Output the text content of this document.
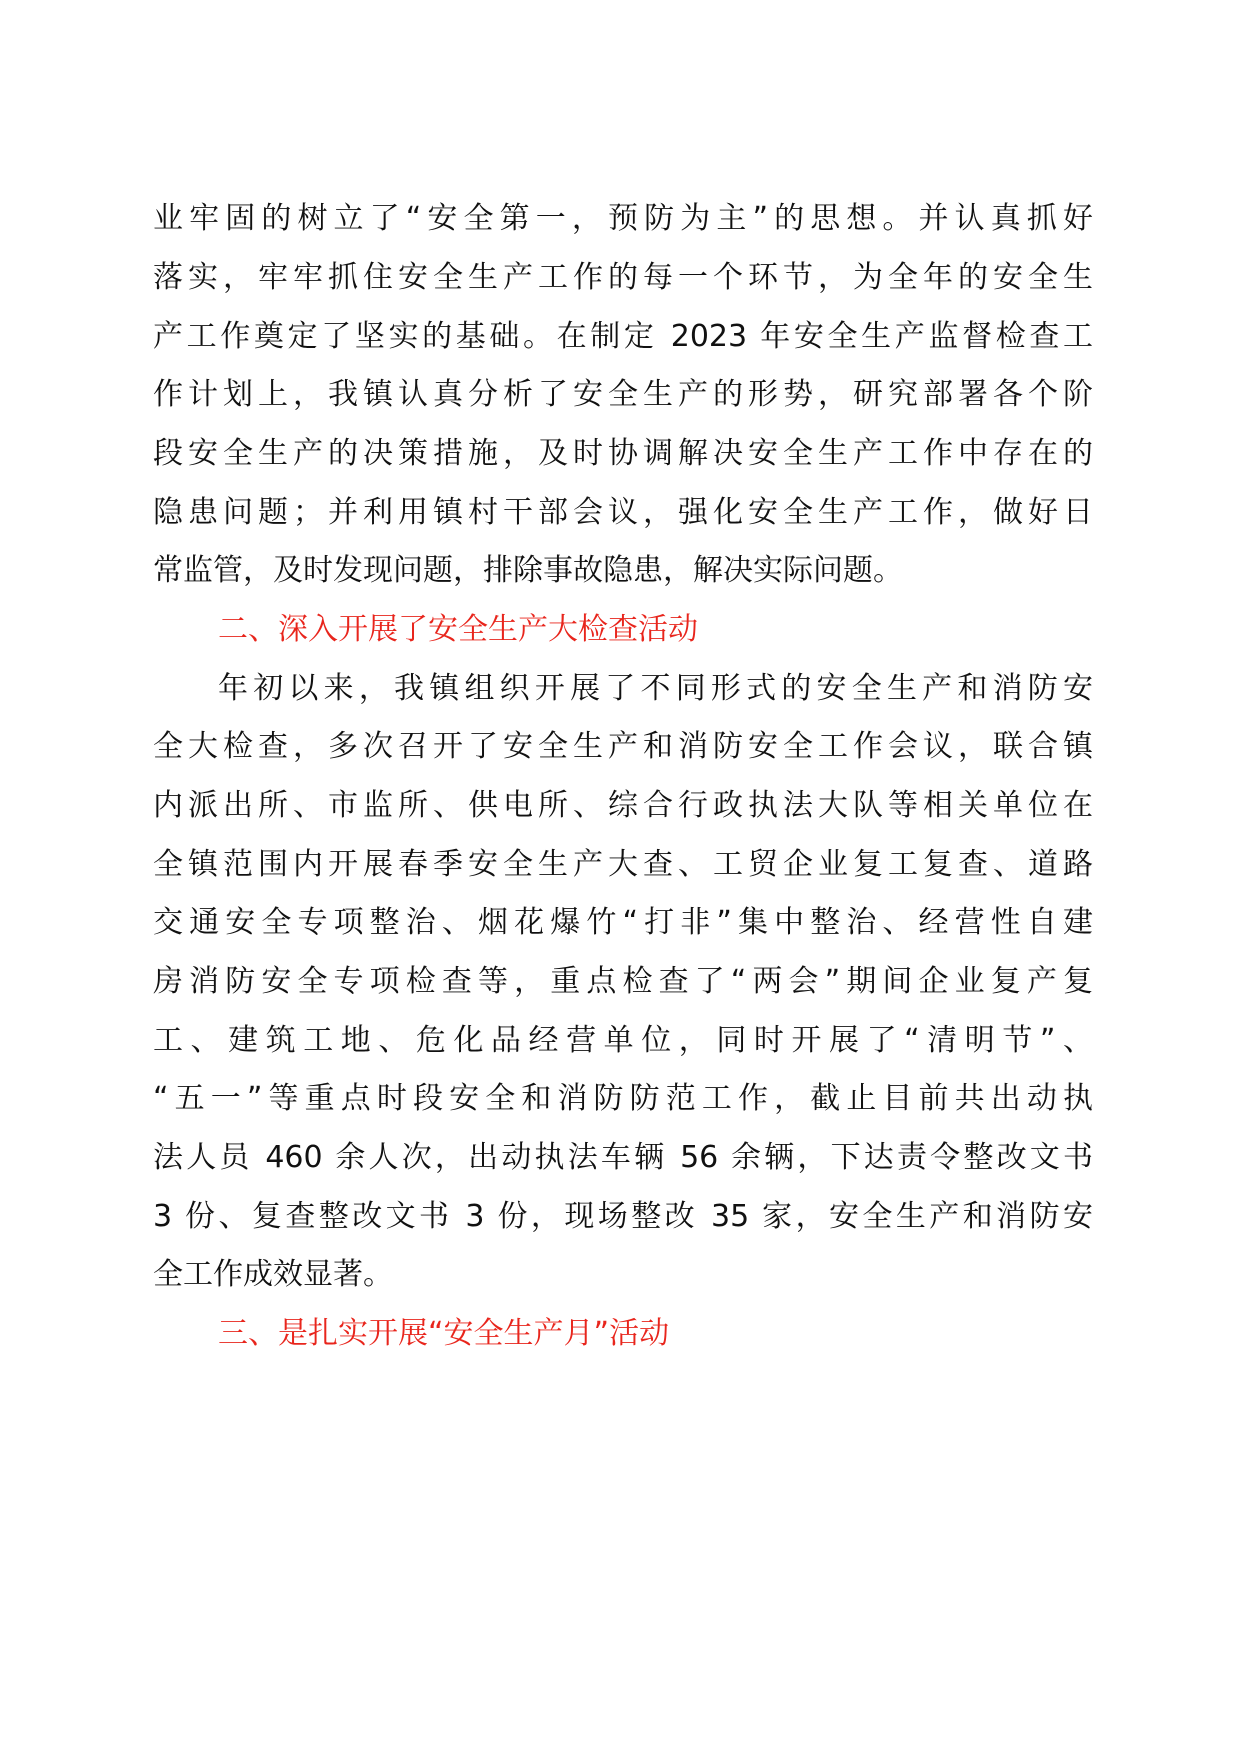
业牢固的树立了“安全第一，预防为主”的思想。并认真抓好
落实，牢牢抓住安全生产工作的每一个环节，为全年的安全生
产工作奠定了坚实的基础。在制定 2023 年安全生产监督检查工
作计划上，我镇认真分析了安全生产的形势，研究部署各个阶
段安全生产的决策措施，及时协调解决安全生产工作中存在的
隐患问题；并利用镇村干部会议，强化安全生产工作，做好日
常监管，及时发现问题，排除事故隐患，解决实际问题。
二、深入开展了安全生产大检查活动
年初以来，我镇组织开展了不同形式的安全生产和消防安
全大检查，多次召开了安全生产和消防安全工作会议，联合镇
内派出所、市监所、供电所、综合行政执法大队等相关单位在
全镇范围内开展春季安全生产大查、工贸企业复工复查、道路
交通安全专项整治、烟花爆竹“打非”集中整治、经营性自建
房消防安全专项检查等，重点检查了“两会”期间企业复产复
工、建筑工地、危化品经营单位，同时开展了“清明节”、
“五一”等重点时段安全和消防防范工作，截止目前共出动执
法人员 460 余人次，出动执法车辆 56 余辆，下达责令整改文书
3 份、复查整改文书 3 份，现场整改 35 家，安全生产和消防安
全工作成效显著。
三、是扎实开展“安全生产月”活动
